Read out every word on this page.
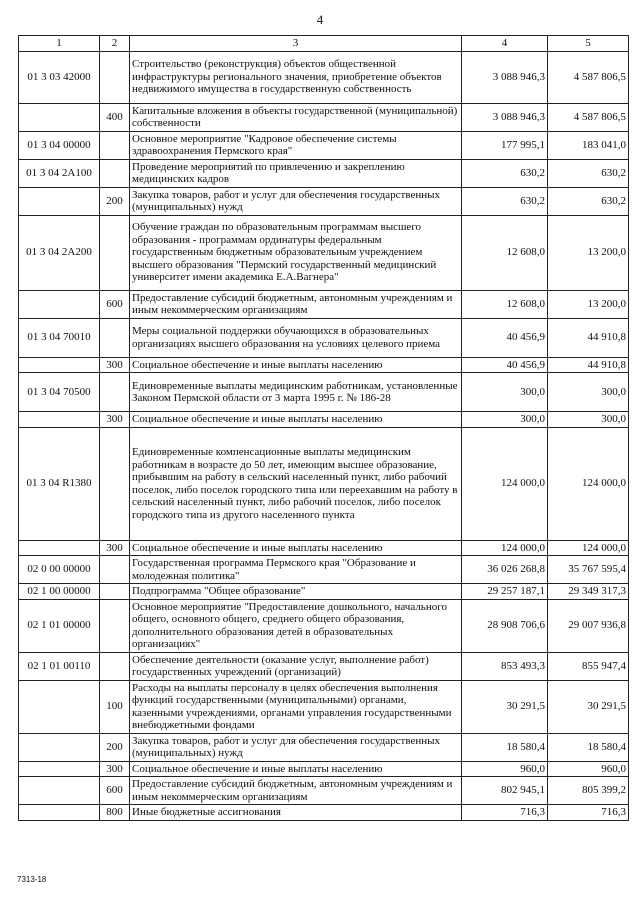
4
1	2	3	4	5
01 3 03 42000		Строительство (реконструкция) объектов общественной инфраструктуры регионального значения, приобретение объектов недвижимого имущества в государственную собственность	3 088 946,3	4 587 806,5
	400	Капитальные вложения в объекты государственной (муниципальной) собственности	3 088 946,3	4 587 806,5
01 3 04 00000		Основное мероприятие "Кадровое обеспечение системы здравоохранения Пермского края"	177 995,1	183 041,0
01 3 04 2А100		Проведение мероприятий по привлечению и закреплению медицинских кадров	630,2	630,2
	200	Закупка товаров, работ и услуг для обеспечения государственных (муниципальных) нужд	630,2	630,2
01 3 04 2А200		Обучение граждан по образовательным программам высшего образования - программам ординатуры федеральным государственным бюджетным образовательным учреждением высшего образования "Пермский государственный медицинский университет имени академика Е.А.Вагнера"	12 608,0	13 200,0
	600	Предоставление субсидий бюджетным, автономным учреждениям и иным некоммерческим организациям	12 608,0	13 200,0
01 3 04 70010		Меры социальной поддержки обучающихся в образовательных организациях высшего образования на условиях целевого приема	40 456,9	44 910,8
	300	Социальное обеспечение и иные выплаты населению	40 456,9	44 910,8
01 3 04 70500		Единовременные выплаты медицинским работникам, установленные Законом Пермской области от 3 марта 1995 г. № 186-28	300,0	300,0
	300	Социальное обеспечение и иные выплаты населению	300,0	300,0
01 3 04 R1380		Единовременные компенсационные выплаты медицинским работникам в возрасте до 50 лет, имеющим высшее образование, прибывшим на работу в сельский населенный пункт, либо рабочий поселок, либо поселок городского типа или переехавшим на работу в сельский населенный пункт, либо рабочий поселок, либо поселок городского типа из другого населенного пункта	124 000,0	124 000,0
	300	Социальное обеспечение и иные выплаты населению	124 000,0	124 000,0
02 0 00 00000		Государственная программа Пермского края "Образование и молодежная политика"	36 026 268,8	35 767 595,4
02 1 00 00000		Подпрограмма "Общее образование"	29 257 187,1	29 349 317,3
02 1 01 00000		Основное мероприятие "Предоставление дошкольного, начального общего, основного общего, среднего общего образования, дополнительного образования детей в образовательных организациях"	28 908 706,6	29 007 936,8
02 1 01 00110		Обеспечение деятельности (оказание услуг, выполнение работ) государственных учреждений (организаций)	853 493,3	855 947,4
	100	Расходы на выплаты персоналу в целях обеспечения выполнения функций государственными (муниципальными) органами, казенными учреждениями, органами управления государственными внебюджетными фондами	30 291,5	30 291,5
	200	Закупка товаров, работ и услуг для обеспечения государственных (муниципальных) нужд	18 580,4	18 580,4
	300	Социальное обеспечение и иные выплаты населению	960,0	960,0
	600	Предоставление субсидий бюджетным, автономным учреждениям и иным некоммерческим организациям	802 945,1	805 399,2
	800	Иные бюджетные ассигнования	716,3	716,3
7313-18
